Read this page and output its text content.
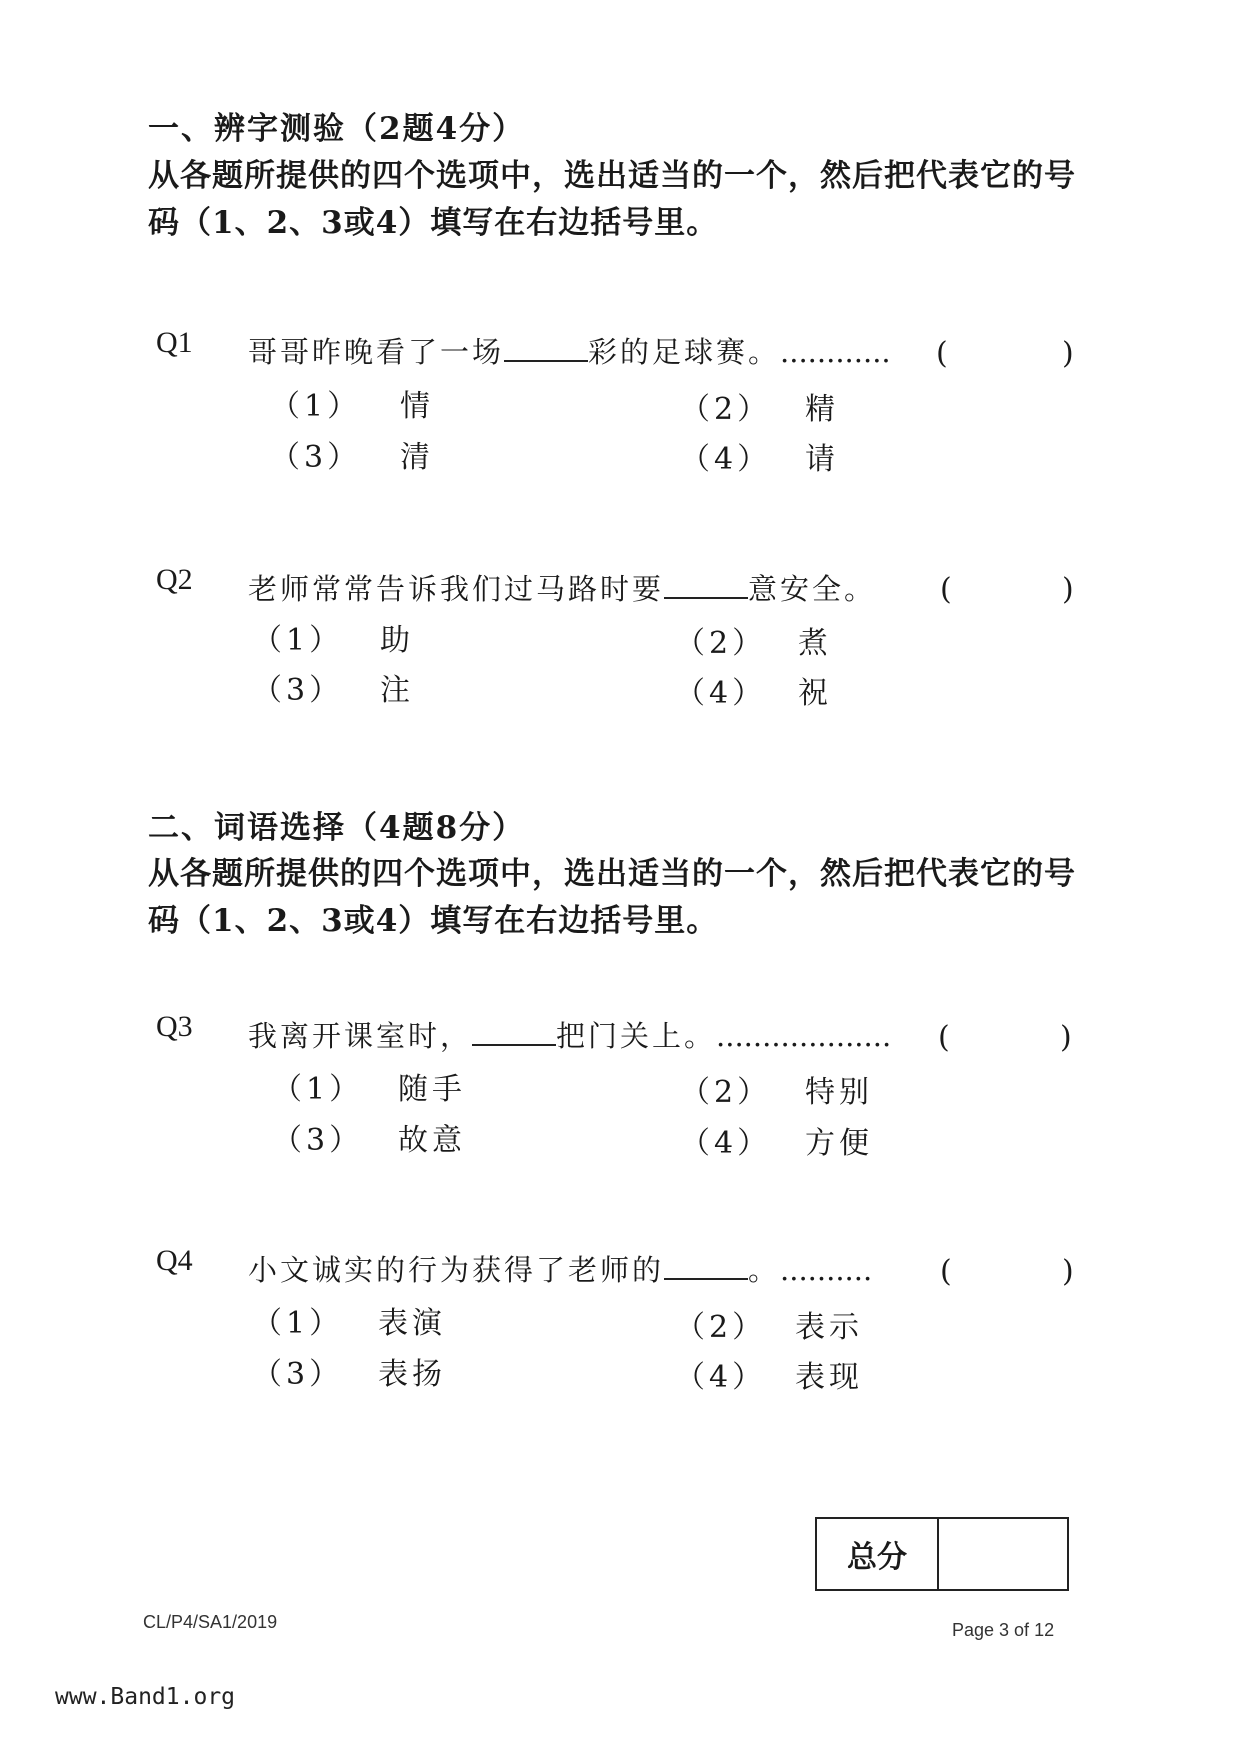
一、辨字测验（2题4分）
从各题所提供的四个选项中，选出适当的一个，然后把代表它的号码（1、2、3或4）填写在右边括号里。
Q1 哥哥昨晚看了一场	彩的足球赛。............ (	)
（1） 情	（2） 精
（3） 清	（4） 请
Q2 老师常常告诉我们过马路时要	意安全。 (	)
（1） 助	（2） 煮
（3） 注	（4） 祝
二、词语选择（4题8分）
从各题所提供的四个选项中，选出适当的一个，然后把代表它的号码（1、2、3或4）填写在右边括号里。
Q3 我离开课室时，	把门关上。................... (	)
（1） 随手	（2） 特别
（3） 故意	（4） 方便
Q4 小文诚实的行为获得了老师的	。.......... (	)
（1） 表演	（2） 表示
（3） 表扬	（4） 表现
总分
CL/P4/SA1/2019	Page 3 of 12
www.Band1.org
